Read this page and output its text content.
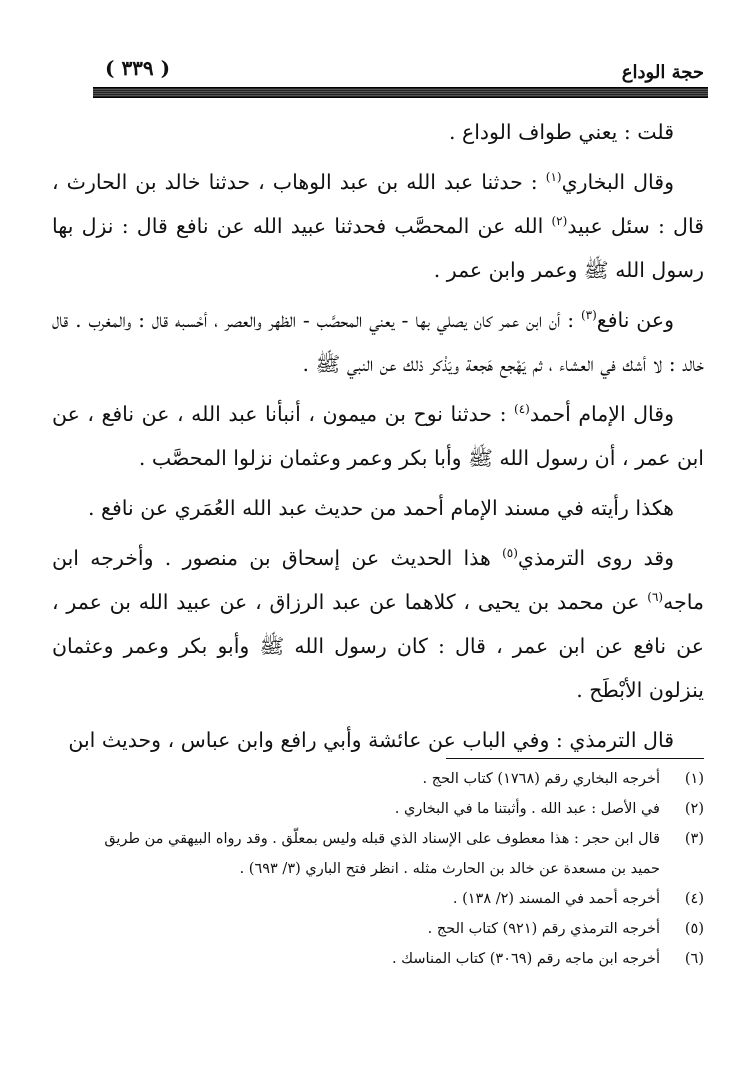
حجة الوداع
( ٣٣٩ )

قلت : يعني طواف الوداع .

وقال البخاري$^{(١)}$ : حدثنا عبد الله بن عبد الوهاب ، حدثنا خالد بن الحارث ، قال : سئل عبيد$^{(٢)}$ الله عن المحصَّب فحدثنا عبيد الله عن نافع قال : نزل بها رسول الله ﷺ وعمر وابن عمر .

وعن نافع$^{(٣)}$ : أن ابن عمر كان يصلي بها - يعني المحصَّب - الظهر والعصر ، أحْسبه قال : والمغرب . قال خالد : لا أشك في العشاء ، ثم يَهْجع هَجعة ويَذْكر ذلك عن النبي ﷺ .

وقال الإمام أحمد$^{(٤)}$ : حدثنا نوح بن ميمون ، أنبأنا عبد الله ، عن نافع ، عن ابن عمر ، أن رسول الله ﷺ وأبا بكر وعمر وعثمان نزلوا المحصَّب .

هكذا رأيته في مسند الإمام أحمد من حديث عبد الله العُمَري عن نافع .

وقد روى الترمذي$^{(٥)}$ هذا الحديث عن إسحاق بن منصور . وأخرجه ابن ماجه$^{(٦)}$ عن محمد بن يحيى ، كلاهما عن عبد الرزاق ، عن عبيد الله بن عمر ، عن نافع عن ابن عمر ، قال : كان رسول الله ﷺ وأبو بكر وعمر وعثمان ينزلون الأبْطَح .

قال الترمذي : وفي الباب عن عائشة وأبي رافع وابن عباس ، وحديث ابن

(١)
أخرجه البخاري رقم (١٧٦٨) كتاب الحج .
(٢)
في الأصل : عبد الله . وأثبتنا ما في البخاري .
(٣)
قال ابن حجر : هذا معطوف على الإسناد الذي قبله وليس بمعلّق . وقد رواه البيهقي من طريق حميد بن مسعدة عن خالد بن الحارث مثله . انظر فتح الباري (٣/ ٦٩٣) .
(٤)
أخرجه أحمد في المسند (٢/ ١٣٨) .
(٥)
أخرجه الترمذي رقم (٩٢١) كتاب الحج .
(٦)
أخرجه ابن ماجه رقم (٣٠٦٩) كتاب المناسك .
